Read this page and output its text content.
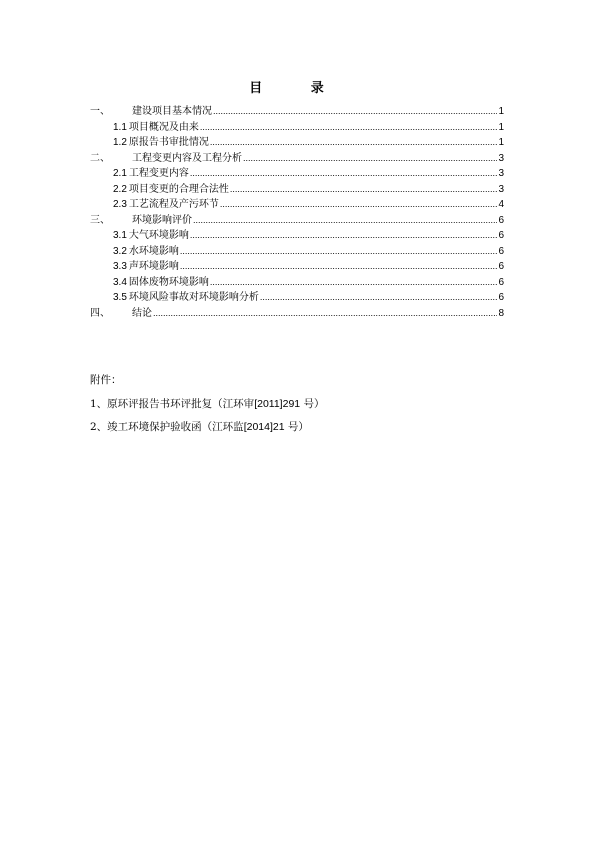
目 录
一、	建设项目基本情况 .....	1
1.1 项目概况及由来 .....	1
1.2 原报告书审批情况 .....	1
二、	工程变更内容及工程分析 .....	3
2.1 工程变更内容 .....	3
2.2 项目变更的合理合法性 .....	3
2.3 工艺流程及产污环节 .....	4
三、	环境影响评价 .....	6
3.1 大气环境影响 .....	6
3.2 水环境影响 .....	6
3.3 声环境影响 .....	6
3.4 固体废物环境影响 .....	6
3.5 环境风险事故对环境影响分析 .....	6
四、	结论 .....	8
附件：
1、原环评报告书环评批复（江环审[2011]291 号）
2、竣工环境保护验收函（江环监[2014]21 号）
